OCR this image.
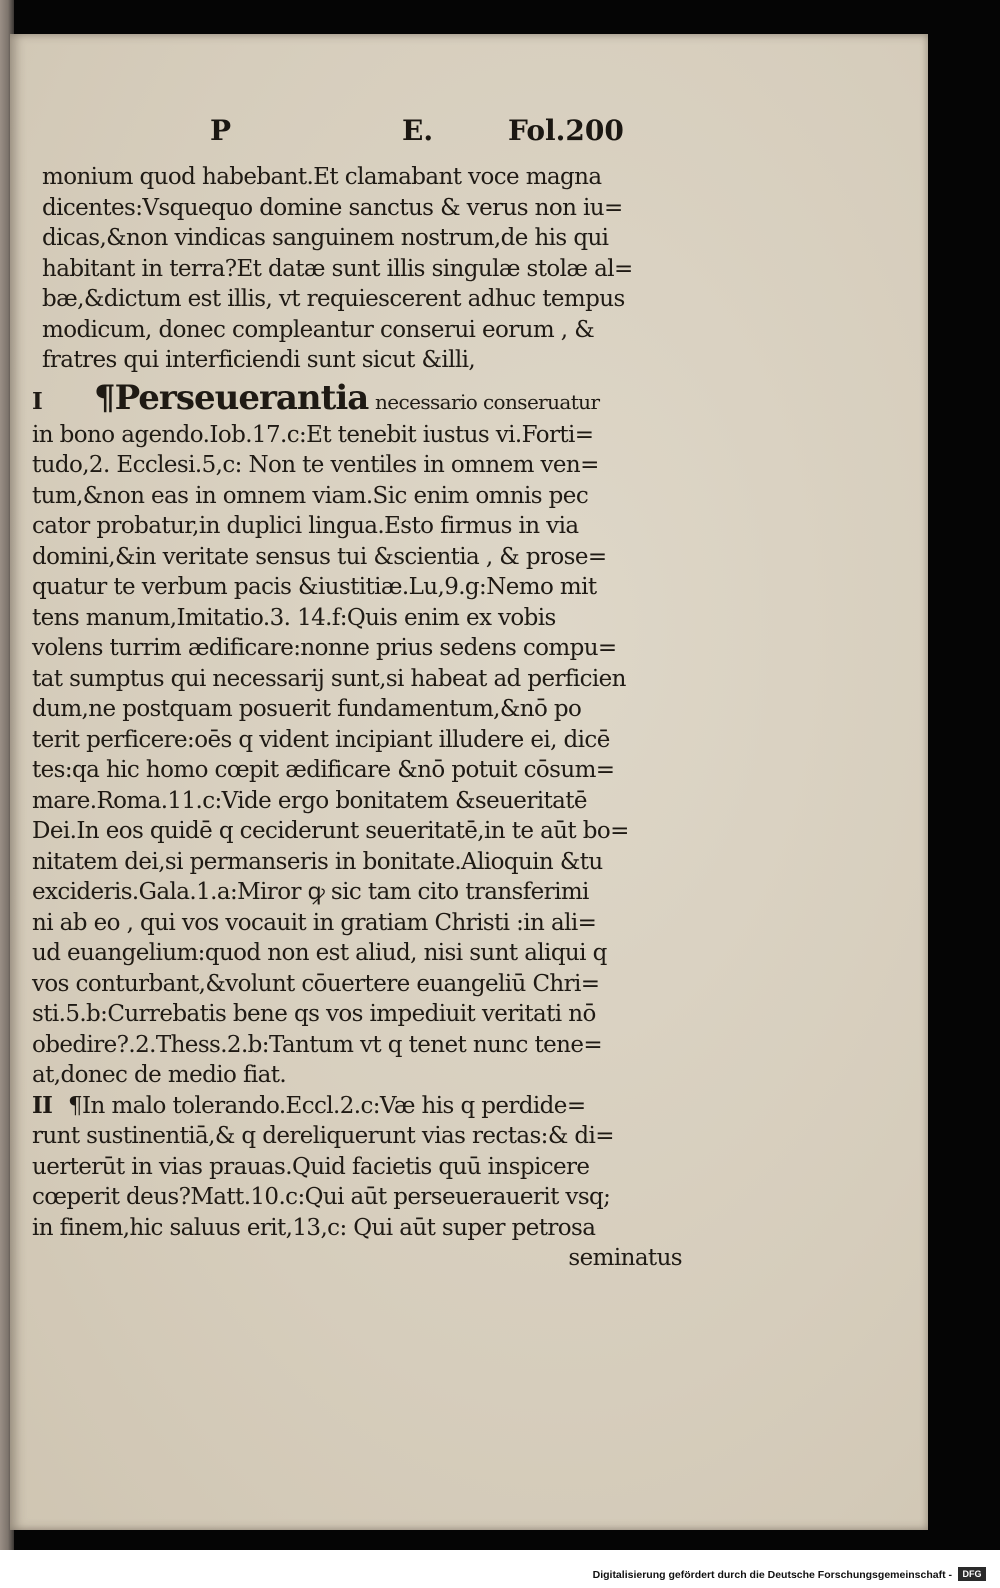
P	E.	Fol.200
monium quod habebant.Et clamabant voce magna
dicentes:Vsquequo domine sanctus & verus non iu=
dicas,&non vindicas sanguinem nostrum,de his qui
habitant in terra?Et datæ sunt illis singulæ stolæ al=
bæ,&dictum est illis, vt requiescerent adhuc tempus
modicum, donec compleantur conserui eorum , &
fratres qui interficiendi sunt sicut &illi,
I ¶Perseuerantia necessario conseruatur
in bono agendo.Iob.17.c:Et tenebit iustus vi.Forti=
tudo,2. Ecclesi.5,c: Non te ventiles in omnem ven=
tum,&non eas in omnem viam.Sic enim omnis pec
cator probatur,in duplici lingua.Esto firmus in via
domini,&in veritate sensus tui &scientia , & prose=
quatur te verbum pacis &iustitiæ.Lu,9.g:Nemo mit
tens manum,Imitatio.3. 14.f:Quis enim ex vobis
volens turrim ædificare:nonne prius sedens compu=
tat sumptus qui necessarij sunt,si habeat ad perficien
dum,ne postquam posuerit fundamentum,&nō po
terit perficere:oēs q vident incipiant illudere ei, dicē
tes:qa hic homo cœpit ædificare &nō potuit cōsum=
mare.Roma.11.c:Vide ergo bonitatem &seueritatē
Dei.In eos quidē q ceciderunt seueritatē,in te aūt bo=
nitatem dei,si permanseris in bonitate.Alioquin &tu
excideris.Gala.1.a:Miror ꝙ sic tam cito transferimi
ni ab eo , qui vos vocauit in gratiam Christi :in ali=
ud euangelium:quod non est aliud, nisi sunt aliqui q
vos conturbant,&volunt cōuertere euangeliū Chri=
sti.5.b:Currebatis bene qs vos impediuit veritati nō
obedire?.2.Thess.2.b:Tantum vt q tenet nunc tene=
at,donec de medio fiat.
II ¶In malo tolerando.Eccl.2.c:Væ his q perdide=
runt sustinentiā,& q dereliquerunt vias rectas:& di=
uerterūt in vias prauas.Quid facietis quū inspicere
cœperit deus?Matt.10.c:Qui aūt perseuerauerit vsq;
in finem,hic saluus erit,13,c: Qui aūt super petrosa
seminatus
Digitalisierung gefördert durch die Deutsche Forschungsgemeinschaft -	DFG
